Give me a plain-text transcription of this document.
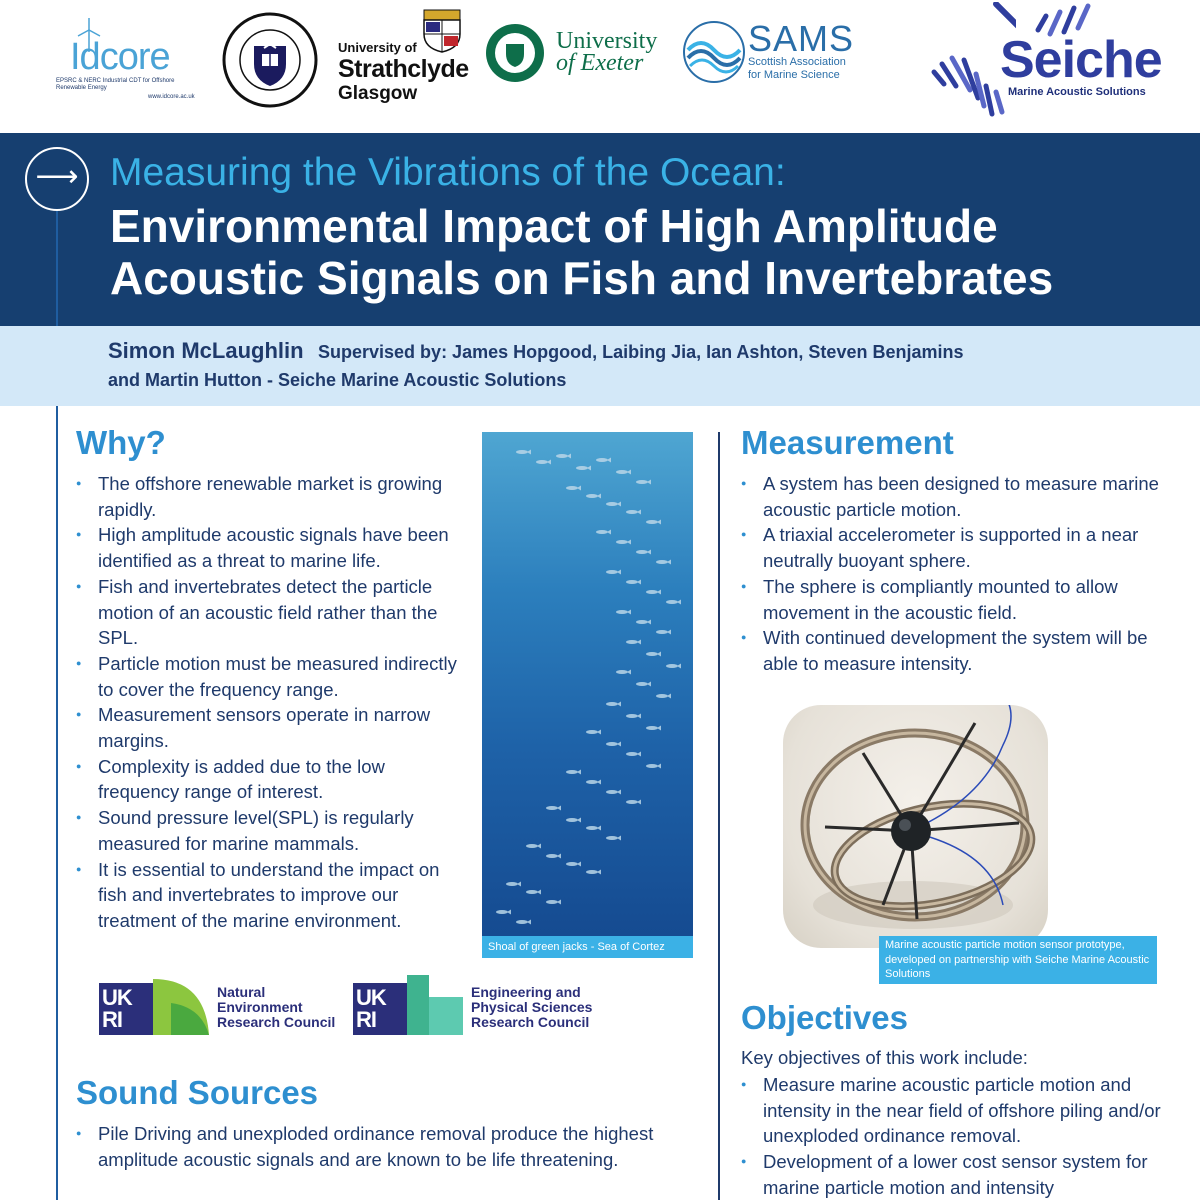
Idcore
EPSRC & NERC IndustrIal CDT for Offshore Renewable Energy
www.idcore.ac.uk
University of
Strathclyde
Glasgow
University
of Exeter
SAMS
Scottish Association
for Marine Science	Seiche
Marine Acoustic Solutions
⟶ Measuring the Vibrations of the Ocean:
Environmental Impact of High Amplitude Acoustic Signals on Fish and Invertebrates
Simon McLaughlin Supervised by: James Hopgood, Laibing Jia, Ian Ashton, Steven Benjamins
and Martin Hutton - Seiche Marine Acoustic Solutions
Why?
● The offshore renewable market is growing rapidly.
● High amplitude acoustic signals have been identified as a threat to marine life.
● Fish and invertebrates detect the particle motion of an acoustic field rather than the SPL.
● Particle motion must be measured indirectly to cover the frequency range.
● Measurement sensors operate in narrow margins.
● Complexity is added due to the low frequency range of interest.
● Sound pressure level(SPL) is regularly measured for marine mammals.
● It is essential to understand the impact on fish and invertebrates to improve our treatment of the marine environment.
Shoal of green jacks - Sea of Cortez
UK RI
Natural
Environment
Research Council
UK RI
Engineering and
Physical Sciences
Research Council
Sound Sources
● Pile Driving and unexploded ordinance removal produce the highest amplitude acoustic signals and are known to be life threatening.
Measurement
● A system has been designed to measure marine acoustic particle motion.
● A triaxial accelerometer is supported in a near neutrally buoyant sphere.
● The sphere is compliantly mounted to allow movement in the acoustic field.
● With continued development the system will be able to measure intensity.
Marine acoustic particle motion sensor prototype, developed on partnership with Seiche Marine Acoustic Solutions
Objectives
Key objectives of this work include:
● Measure marine acoustic particle motion and intensity in the near field of offshore piling and/or unexploded ordinance removal.
● Development of a lower cost sensor system for marine particle motion and intensity
